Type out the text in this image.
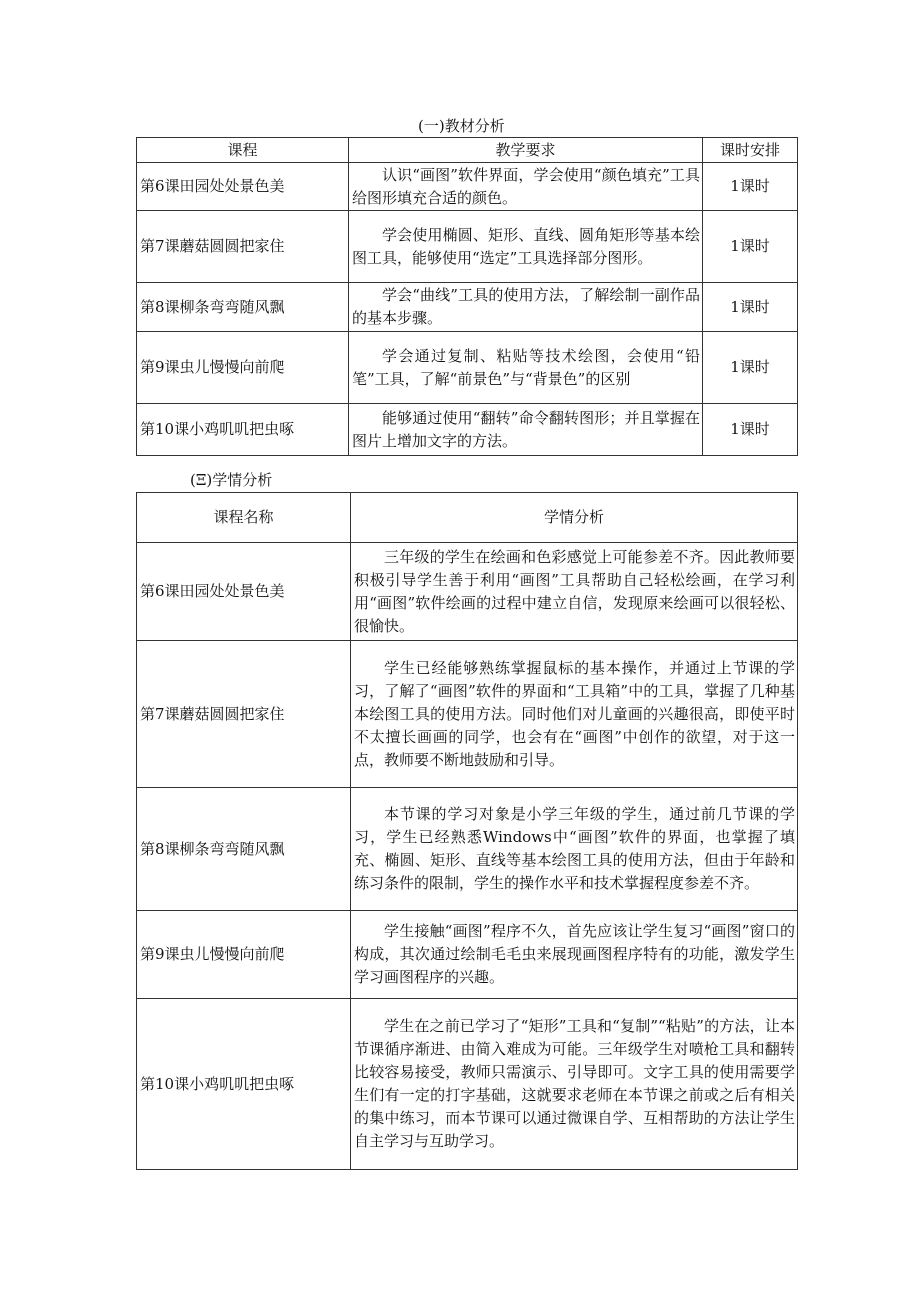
(一)教材分析
课程	教学要求	课时安排
第6课田园处处景色美	认识“画图”软件界面，学会使用“颜色填充”工具给图形填充合适的颜色。	1课时
第7课蘑菇圆圆把家住	学会使用椭圆、矩形、直线、圆角矩形等基本绘图工具，能够使用“选定”工具选择部分图形。	1课时
第8课柳条弯弯随风飘	学会“曲线”工具的使用方法，了解绘制一副作品的基本步骤。	1课时
第9课虫儿慢慢向前爬	学会通过复制、粘贴等技术绘图，会使用“铅笔”工具，了解“前景色”与“背景色”的区别	1课时
第10课小鸡叽叽把虫啄	能够通过使用“翻转”命令翻转图形；并且掌握在图片上增加文字的方法。	1课时
(Ξ)学情分析
课程名称	学情分析
第6课田园处处景色美	三年级的学生在绘画和色彩感觉上可能参差不齐。因此教师要积极引导学生善于利用“画图”工具帮助自己轻松绘画，在学习利用“画图”软件绘画的过程中建立自信，发现原来绘画可以很轻松、很愉快。
第7课蘑菇圆圆把家住	学生已经能够熟练掌握鼠标的基本操作，并通过上节课的学习，了解了“画图”软件的界面和“工具箱”中的工具，掌握了几种基本绘图工具的使用方法。同时他们对儿童画的兴趣很高，即使平时不太擅长画画的同学，也会有在“画图”中创作的欲望，对于这一点，教师要不断地鼓励和引导。
第8课柳条弯弯随风飘	本节课的学习对象是小学三年级的学生，通过前几节课的学习，学生已经熟悉Windows中“画图”软件的界面，也掌握了填充、椭圆、矩形、直线等基本绘图工具的使用方法，但由于年龄和练习条件的限制，学生的操作水平和技术掌握程度参差不齐。
第9课虫儿慢慢向前爬	学生接触“画图”程序不久，首先应该让学生复习“画图”窗口的构成，其次通过绘制毛毛虫来展现画图程序特有的功能，激发学生学习画图程序的兴趣。
第10课小鸡叽叽把虫啄	学生在之前已学习了“矩形”工具和“复制”“粘贴”的方法，让本节课循序渐进、由简入难成为可能。三年级学生对喷枪工具和翻转比较容易接受，教师只需演示、引导即可。文字工具的使用需要学生们有一定的打字基础，这就要求老师在本节课之前或之后有相关的集中练习，而本节课可以通过微课自学、互相帮助的方法让学生自主学习与互助学习。
